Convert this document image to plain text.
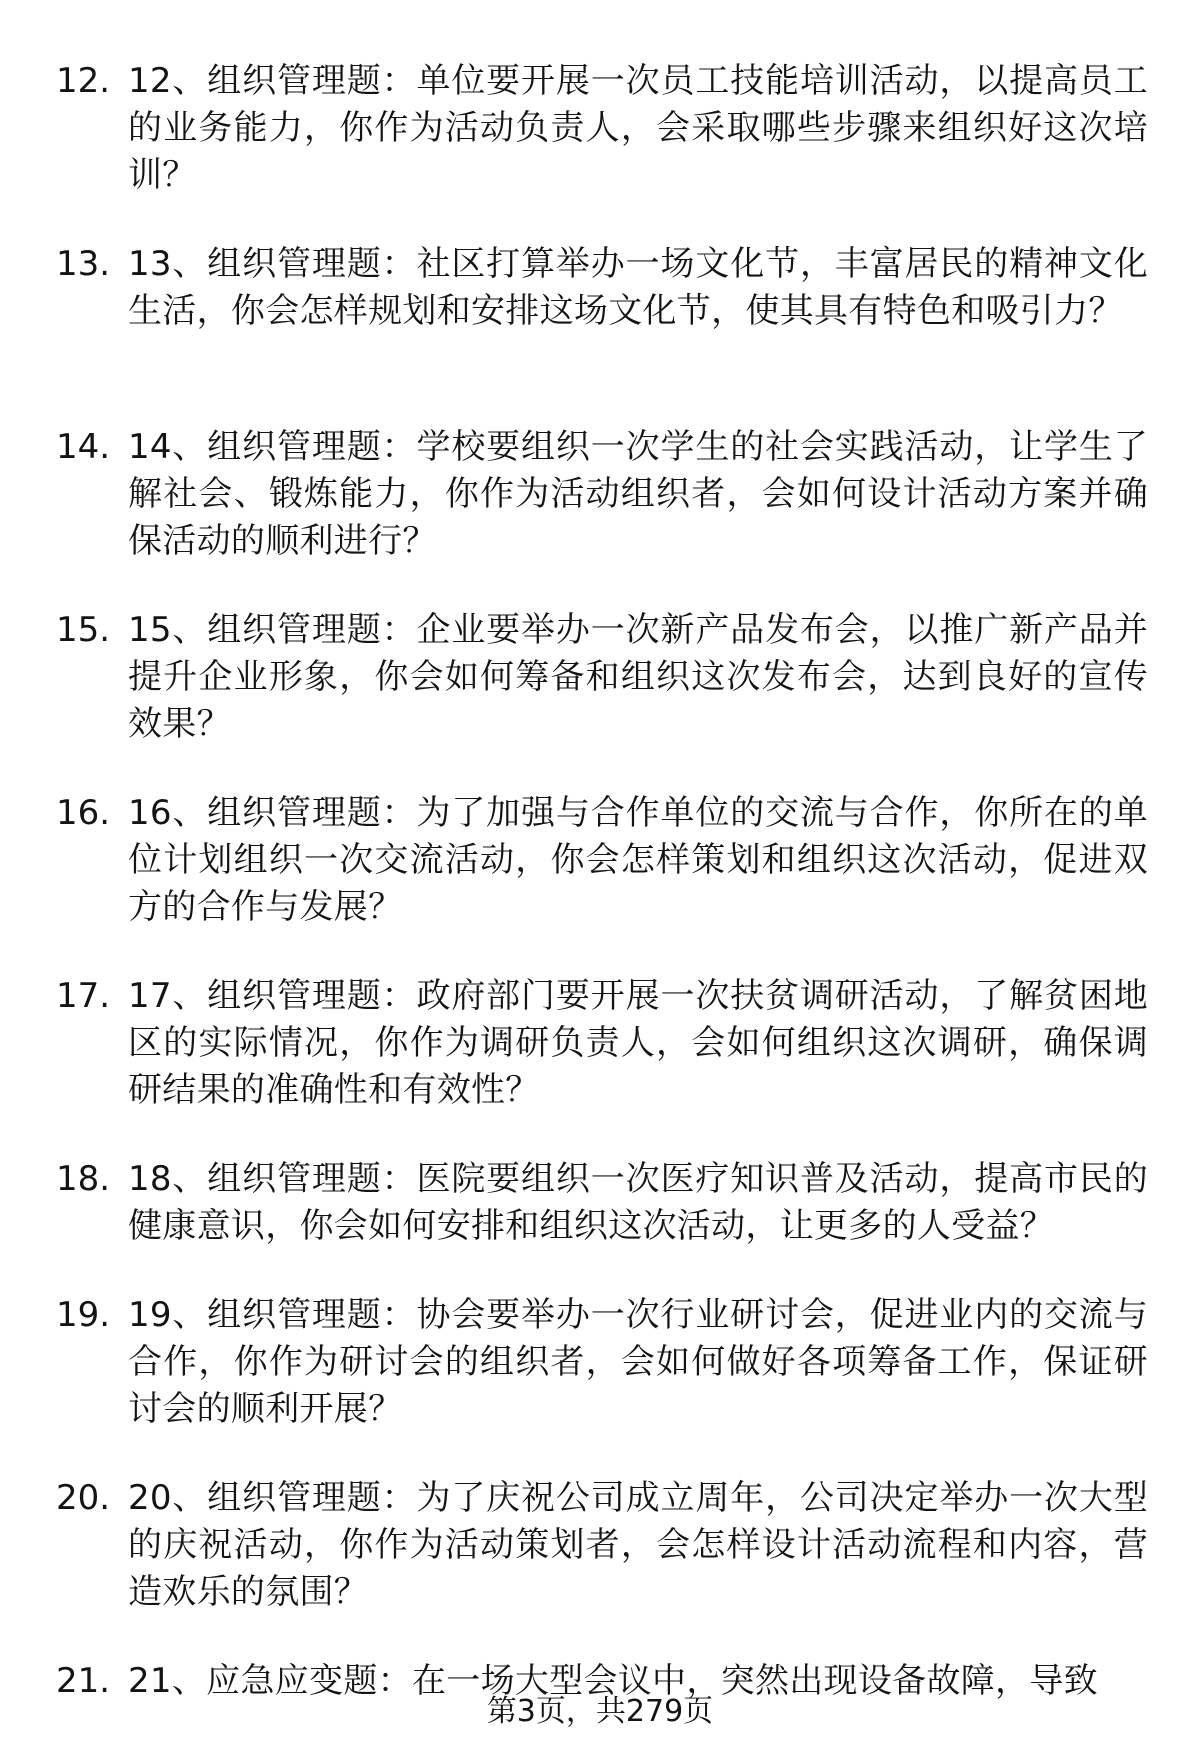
12. 12、组织管理题：单位要开展一次员工技能培训活动，以提高员工的业务能力，你作为活动负责人，会采取哪些步骤来组织好这次培训？
13. 13、组织管理题：社区打算举办一场文化节，丰富居民的精神文化生活，你会怎样规划和安排这场文化节，使其具有特色和吸引力？
14. 14、组织管理题：学校要组织一次学生的社会实践活动，让学生了解社会、锻炼能力，你作为活动组织者，会如何设计活动方案并确保活动的顺利进行？
15. 15、组织管理题：企业要举办一次新产品发布会，以推广新产品并提升企业形象，你会如何筹备和组织这次发布会，达到良好的宣传效果？
16. 16、组织管理题：为了加强与合作单位的交流与合作，你所在的单位计划组织一次交流活动，你会怎样策划和组织这次活动，促进双方的合作与发展？
17. 17、组织管理题：政府部门要开展一次扶贫调研活动，了解贫困地区的实际情况，你作为调研负责人，会如何组织这次调研，确保调研结果的准确性和有效性？
18. 18、组织管理题：医院要组织一次医疗知识普及活动，提高市民的健康意识，你会如何安排和组织这次活动，让更多的人受益？
19. 19、组织管理题：协会要举办一次行业研讨会，促进业内的交流与合作，你作为研讨会的组织者，会如何做好各项筹备工作，保证研讨会的顺利开展？
20. 20、组织管理题：为了庆祝公司成立周年，公司决定举办一次大型的庆祝活动，你作为活动策划者，会怎样设计活动流程和内容，营造欢乐的氛围？
21. 21、应急应变题：在一场大型会议中，突然出现设备故障，导致
第3页，共279页
